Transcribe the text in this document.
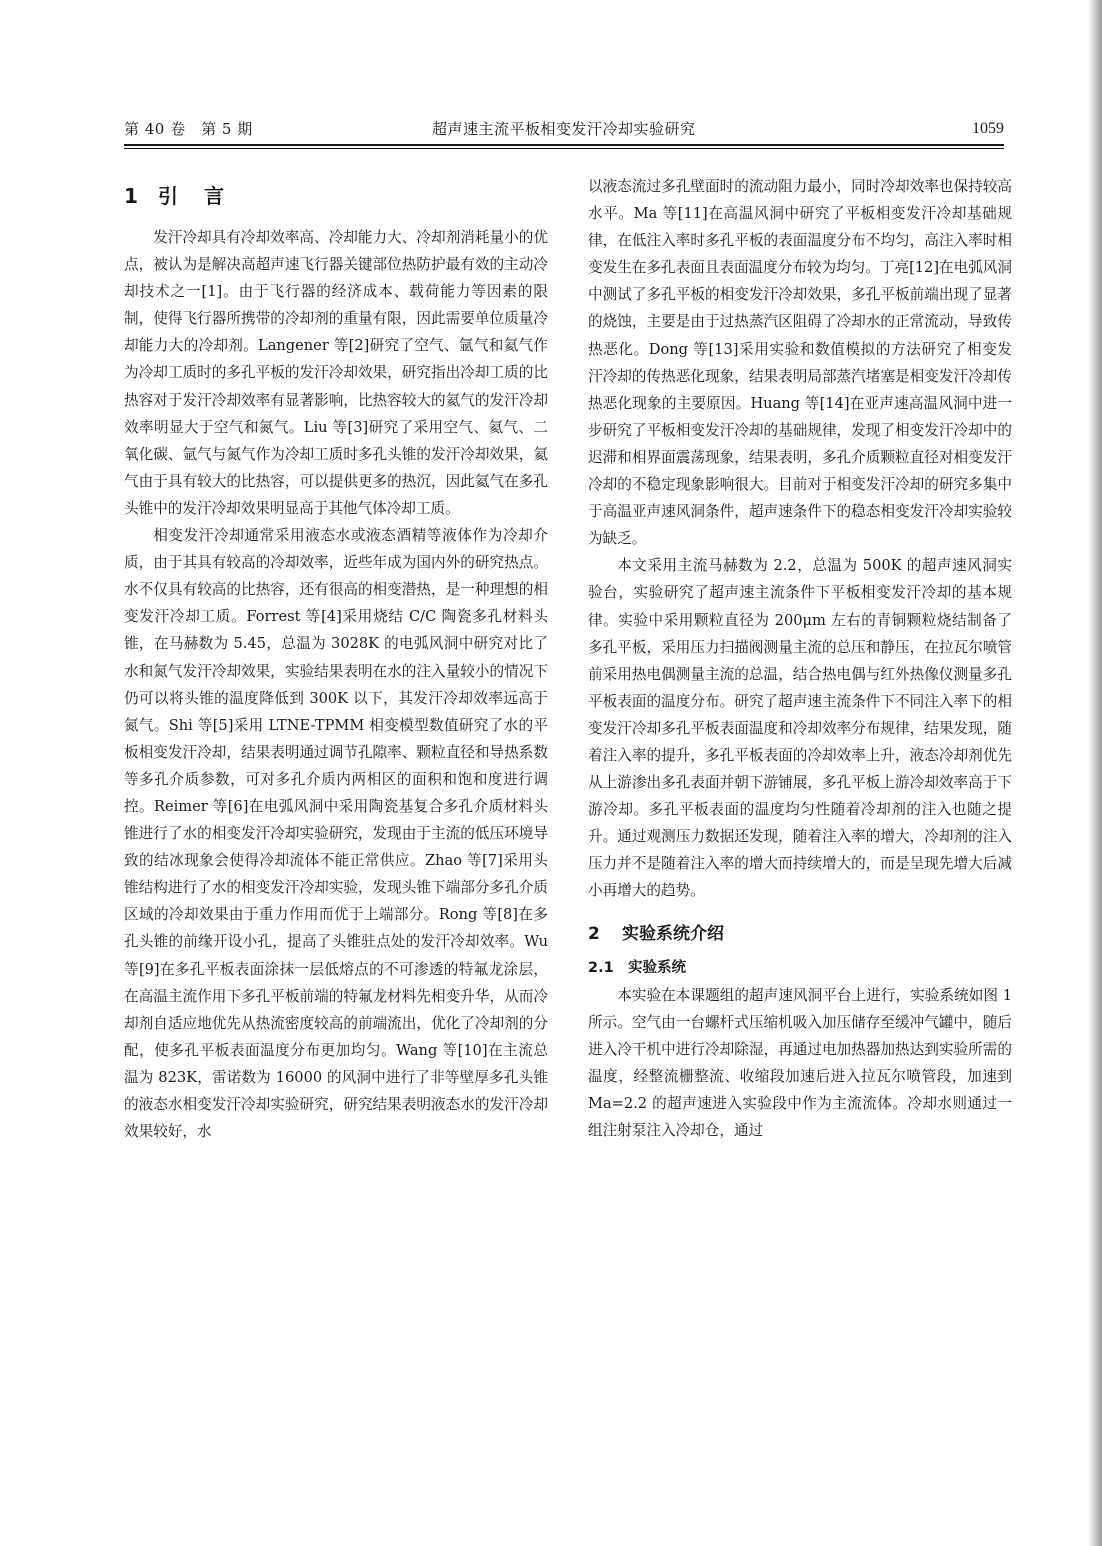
第 40 卷　第 5 期	超声速主流平板相变发汗冷却实验研究	1059
1 引言

发汗冷却具有冷却效率高、冷却能力大、冷却剂消耗量小的优点，被认为是解决高超声速飞行器关键部位热防护最有效的主动冷却技术之一[1]。由于飞行器的经济成本、载荷能力等因素的限制，使得飞行器所携带的冷却剂的重量有限，因此需要单位质量冷却能力大的冷却剂。Langener 等[2]研究了空气、氩气和氦气作为冷却工质时的多孔平板的发汗冷却效果，研究指出冷却工质的比热容对于发汗冷却效率有显著影响，比热容较大的氦气的发汗冷却效率明显大于空气和氮气。Liu 等[3]研究了采用空气、氦气、二氧化碳、氩气与氮气作为冷却工质时多孔头锥的发汗冷却效果，氦气由于具有较大的比热容，可以提供更多的热沉，因此氦气在多孔头锥中的发汗冷却效果明显高于其他气体冷却工质。

相变发汗冷却通常采用液态水或液态酒精等液体作为冷却介质，由于其具有较高的冷却效率，近些年成为国内外的研究热点。水不仅具有较高的比热容，还有很高的相变潜热，是一种理想的相变发汗冷却工质。Forrest 等[4]采用烧结 C/C 陶瓷多孔材料头锥，在马赫数为 5.45，总温为 3028K 的电弧风洞中研究对比了水和氮气发汗冷却效果，实验结果表明在水的注入量较小的情况下仍可以将头锥的温度降低到 300K 以下，其发汗冷却效率远高于氮气。Shi 等[5]采用 LTNE-TPMM 相变模型数值研究了水的平板相变发汗冷却，结果表明通过调节孔隙率、颗粒直径和导热系数等多孔介质参数，可对多孔介质内两相区的面积和饱和度进行调控。Reimer 等[6]在电弧风洞中采用陶瓷基复合多孔介质材料头锥进行了水的相变发汗冷却实验研究，发现由于主流的低压环境导致的结冰现象会使得冷却流体不能正常供应。Zhao 等[7]采用头锥结构进行了水的相变发汗冷却实验，发现头锥下端部分多孔介质区域的冷却效果由于重力作用而优于上端部分。Rong 等[8]在多孔头锥的前缘开设小孔，提高了头锥驻点处的发汗冷却效率。Wu 等[9]在多孔平板表面涂抹一层低熔点的不可渗透的特氟龙涂层，在高温主流作用下多孔平板前端的特氟龙材料先相变升华，从而冷却剂自适应地优先从热流密度较高的前端流出，优化了冷却剂的分配，使多孔平板表面温度分布更加均匀。Wang 等[10]在主流总温为 823K，雷诺数为 16000 的风洞中进行了非等壁厚多孔头锥的液态水相变发汗冷却实验研究，研究结果表明液态水的发汗冷却效果较好，水

以液态流过多孔壁面时的流动阻力最小，同时冷却效率也保持较高水平。Ma 等[11]在高温风洞中研究了平板相变发汗冷却基础规律，在低注入率时多孔平板的表面温度分布不均匀，高注入率时相变发生在多孔表面且表面温度分布较为均匀。丁亮[12]在电弧风洞中测试了多孔平板的相变发汗冷却效果，多孔平板前端出现了显著的烧蚀，主要是由于过热蒸汽区阻碍了冷却水的正常流动，导致传热恶化。Dong 等[13]采用实验和数值模拟的方法研究了相变发汗冷却的传热恶化现象，结果表明局部蒸汽堵塞是相变发汗冷却传热恶化现象的主要原因。Huang 等[14]在亚声速高温风洞中进一步研究了平板相变发汗冷却的基础规律，发现了相变发汗冷却中的迟滞和相界面震荡现象，结果表明，多孔介质颗粒直径对相变发汗冷却的不稳定现象影响很大。目前对于相变发汗冷却的研究多集中于高温亚声速风洞条件，超声速条件下的稳态相变发汗冷却实验较为缺乏。

本文采用主流马赫数为 2.2，总温为 500K 的超声速风洞实验台，实验研究了超声速主流条件下平板相变发汗冷却的基本规律。实验中采用颗粒直径为 200μm 左右的青铜颗粒烧结制备了多孔平板，采用压力扫描阀测量主流的总压和静压，在拉瓦尔喷管前采用热电偶测量主流的总温，结合热电偶与红外热像仪测量多孔平板表面的温度分布。研究了超声速主流条件下不同注入率下的相变发汗冷却多孔平板表面温度和冷却效率分布规律，结果发现，随着注入率的提升，多孔平板表面的冷却效率上升，液态冷却剂优先从上游渗出多孔表面并朝下游铺展，多孔平板上游冷却效率高于下游冷却。多孔平板表面的温度均匀性随着冷却剂的注入也随之提升。通过观测压力数据还发现，随着注入率的增大，冷却剂的注入压力并不是随着注入率的增大而持续增大的，而是呈现先增大后减小再增大的趋势。

2 实验系统介绍
2.1 实验系统

本实验在本课题组的超声速风洞平台上进行，实验系统如图 1 所示。空气由一台螺杆式压缩机吸入加压储存至缓冲气罐中，随后进入冷干机中进行冷却除湿，再通过电加热器加热达到实验所需的温度，经整流栅整流、收缩段加速后进入拉瓦尔喷管段，加速到 Ma=2.2 的超声速进入实验段中作为主流流体。冷却水则通过一组注射泵注入冷却仓，通过
